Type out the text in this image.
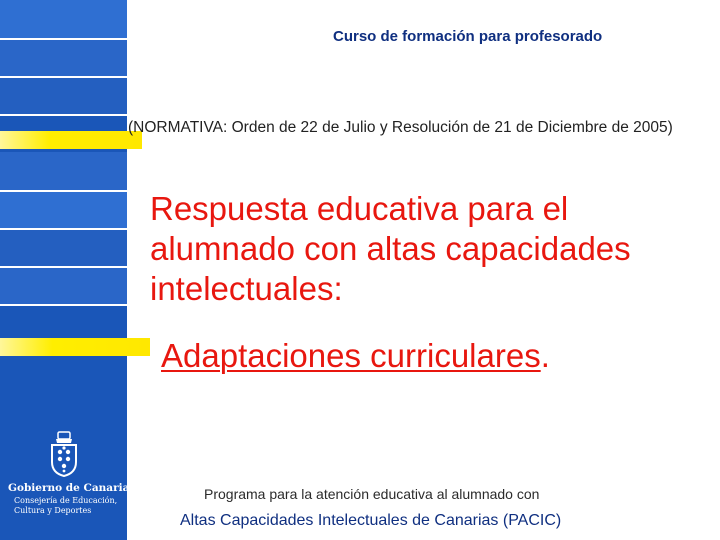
Gobierno de Canarias
Consejería de Educación, Cultura y Deportes
Curso de formación para profesorado
(NORMATIVA: Orden de 22 de Julio y Resolución de 21 de Diciembre de 2005)
Respuesta educativa para el alumnado con altas capacidades intelectuales:
Adaptaciones curriculares.
Programa para la atención educativa al alumnado con
Altas Capacidades Intelectuales de Canarias (PACIC)
